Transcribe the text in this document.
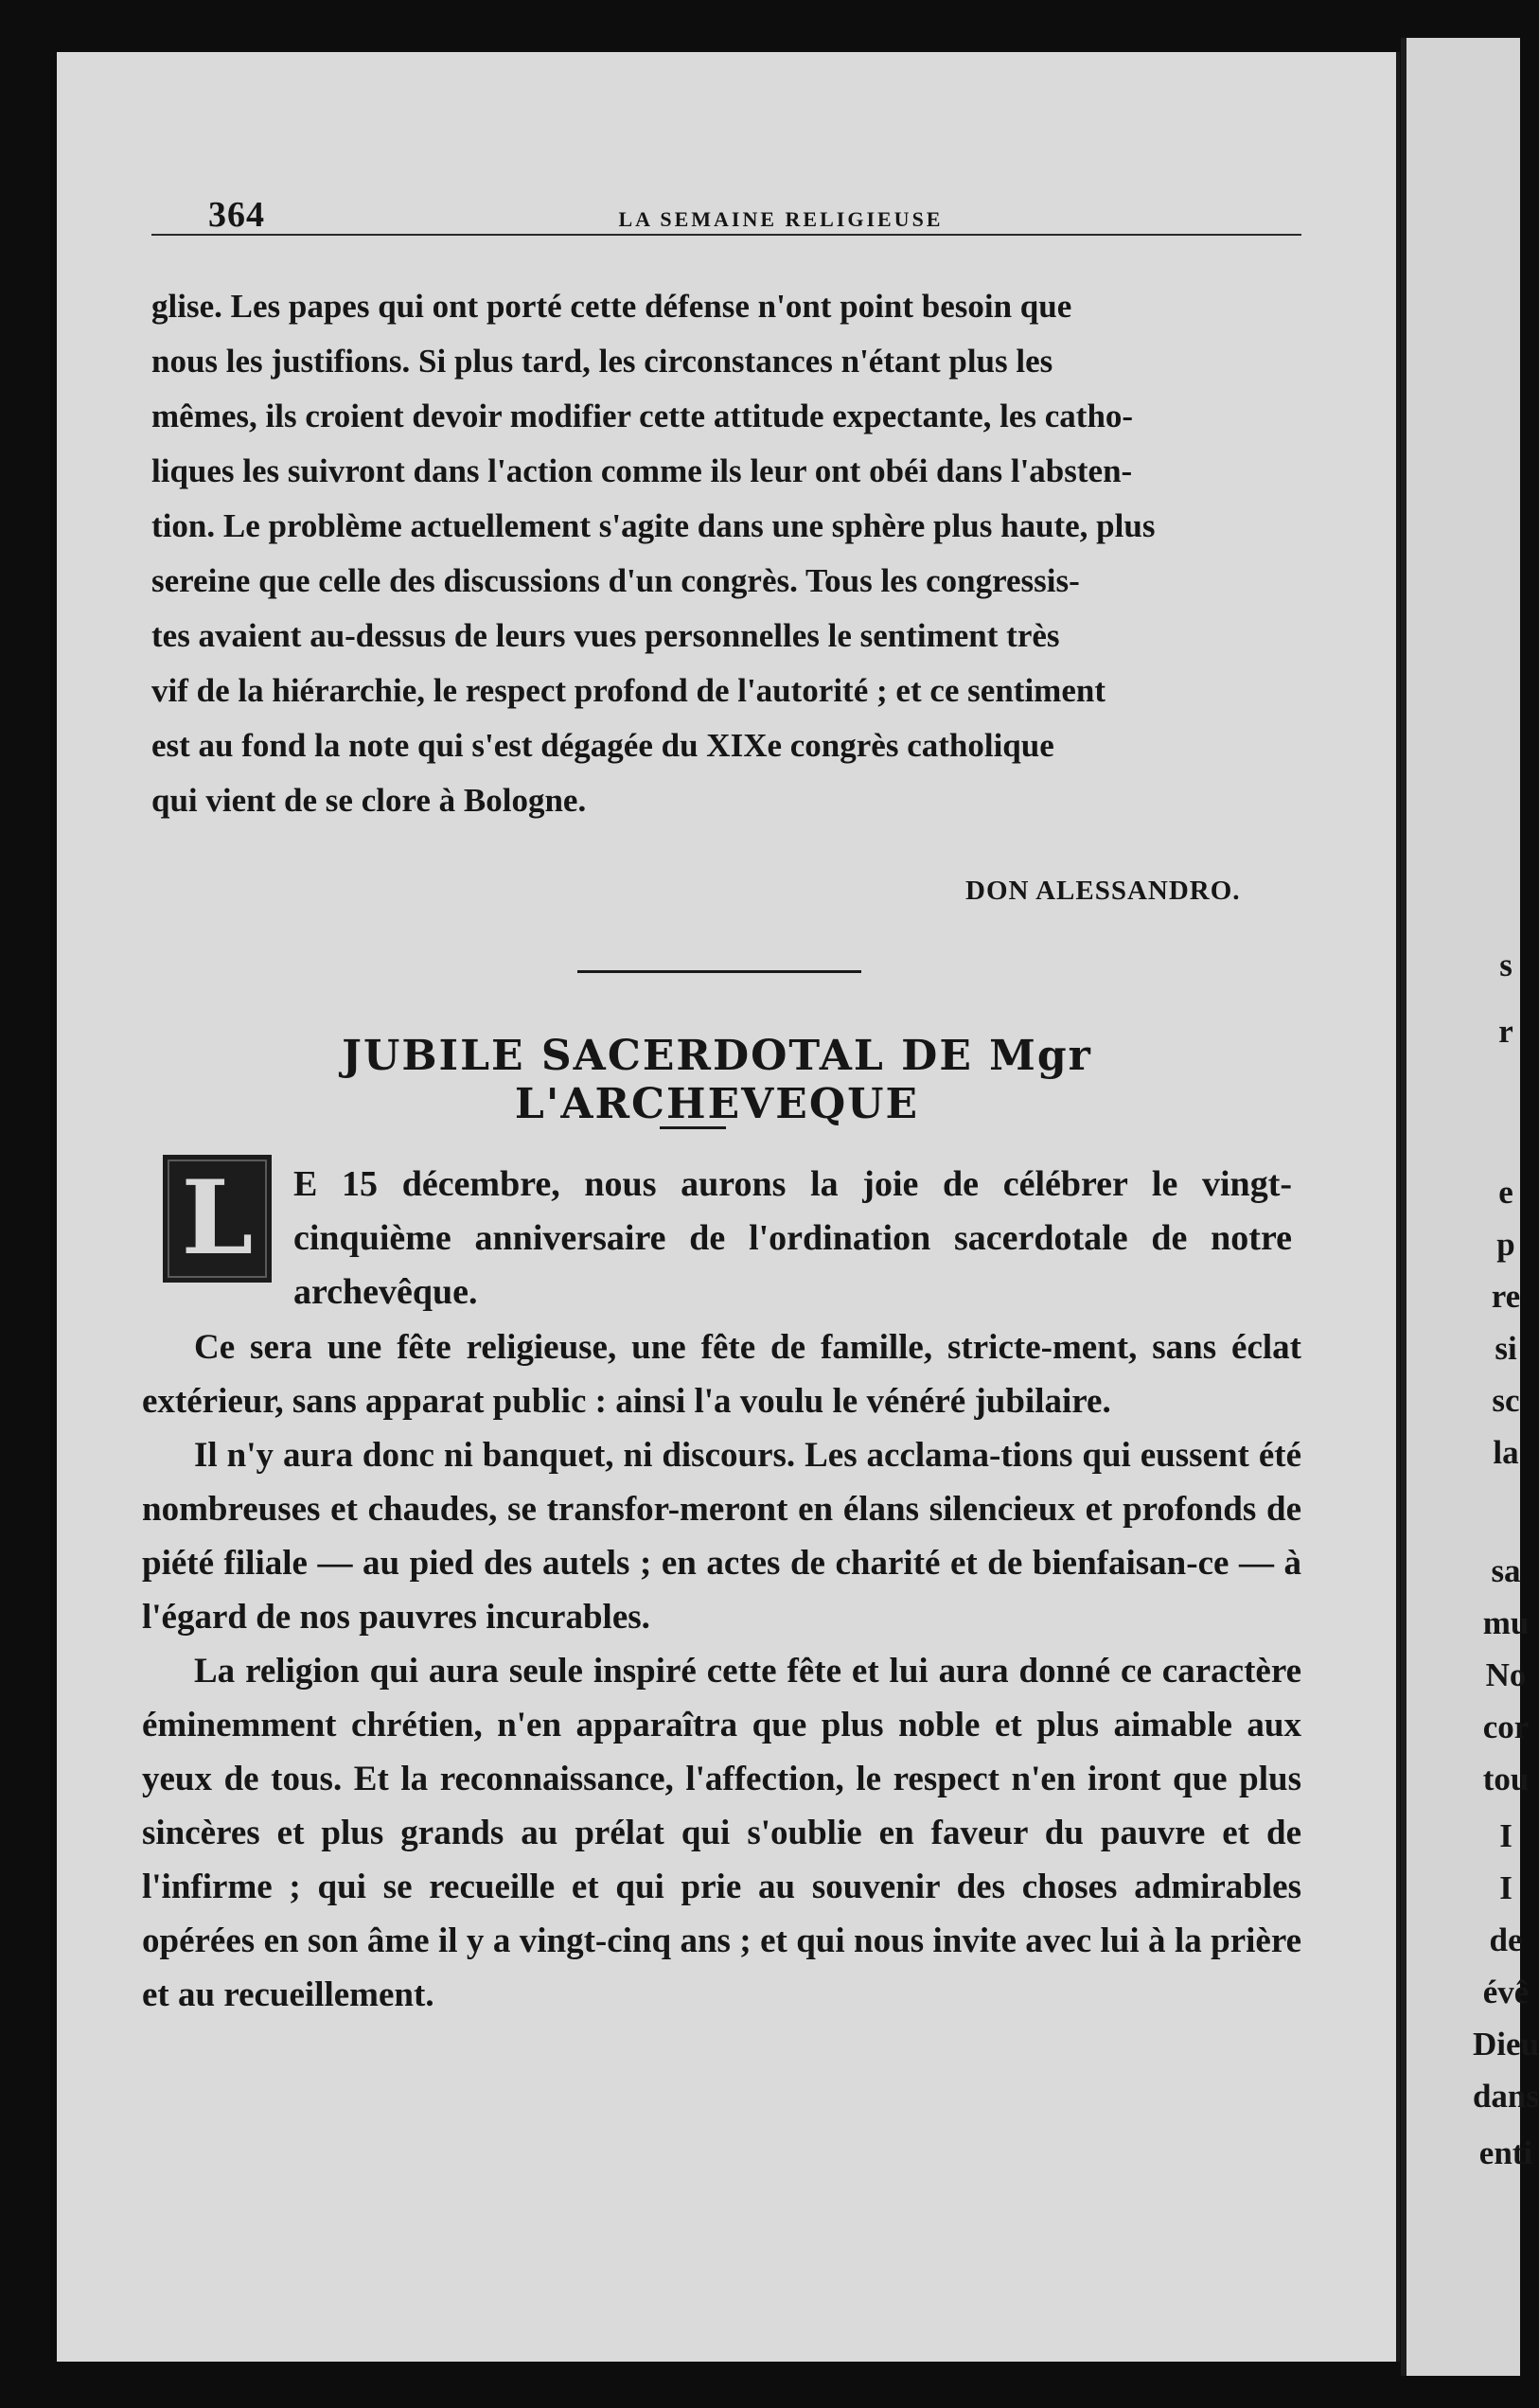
364	LA SEMAINE RELIGIEUSE
glise. Les papes qui ont porté cette défense n'ont point besoin que
nous les justifions. Si plus tard, les circonstances n'étant plus les
mêmes, ils croient devoir modifier cette attitude expectante, les catho-
liques les suivront dans l'action comme ils leur ont obéi dans l'absten-
tion. Le problème actuellement s'agite dans une sphère plus haute, plus
sereine que celle des discussions d'un congrès. Tous les congressis-
tes avaient au-dessus de leurs vues personnelles le sentiment très
vif de la hiérarchie, le respect profond de l'autorité ; et ce sentiment
est au fond la note qui s'est dégagée du XIXe congrès catholique
qui vient de se clore à Bologne.
DON ALESSANDRO.
JUBILE SACERDOTAL DE Mgr L'ARCHEVEQUE
L	E 15 décembre, nous aurons la joie de célébrer le vingt-cinquième anniversaire de l'ordination sacerdotale de notre archevêque.

Ce sera une fête religieuse, une fête de famille, stricte-ment, sans éclat extérieur, sans apparat public : ainsi l'a voulu le vénéré jubilaire.

Il n'y aura donc ni banquet, ni discours. Les acclama-tions qui eussent été nombreuses et chaudes, se transfor-meront en élans silencieux et profonds de piété filiale — au pied des autels ; en actes de charité et de bienfaisan-ce — à l'égard de nos pauvres incurables.

La religion qui aura seule inspiré cette fête et lui aura donné ce caractère éminemment chrétien, n'en apparaîtra que plus noble et plus aimable aux yeux de tous. Et la reconnaissance, l'affection, le respect n'en iront que plus sincères et plus grands au prélat qui s'oublie en faveur du pauvre et de l'infirme ; qui se recueille et qui prie au souvenir des choses admirables opérées en son âme il y a vingt-cinq ans ; et qui nous invite avec lui à la prière et au recueillement.

s
r
e
p
re
si
sc
la
sa
mu
No
cor
tou
I
I
de
évê
Dieu
dans
enti
